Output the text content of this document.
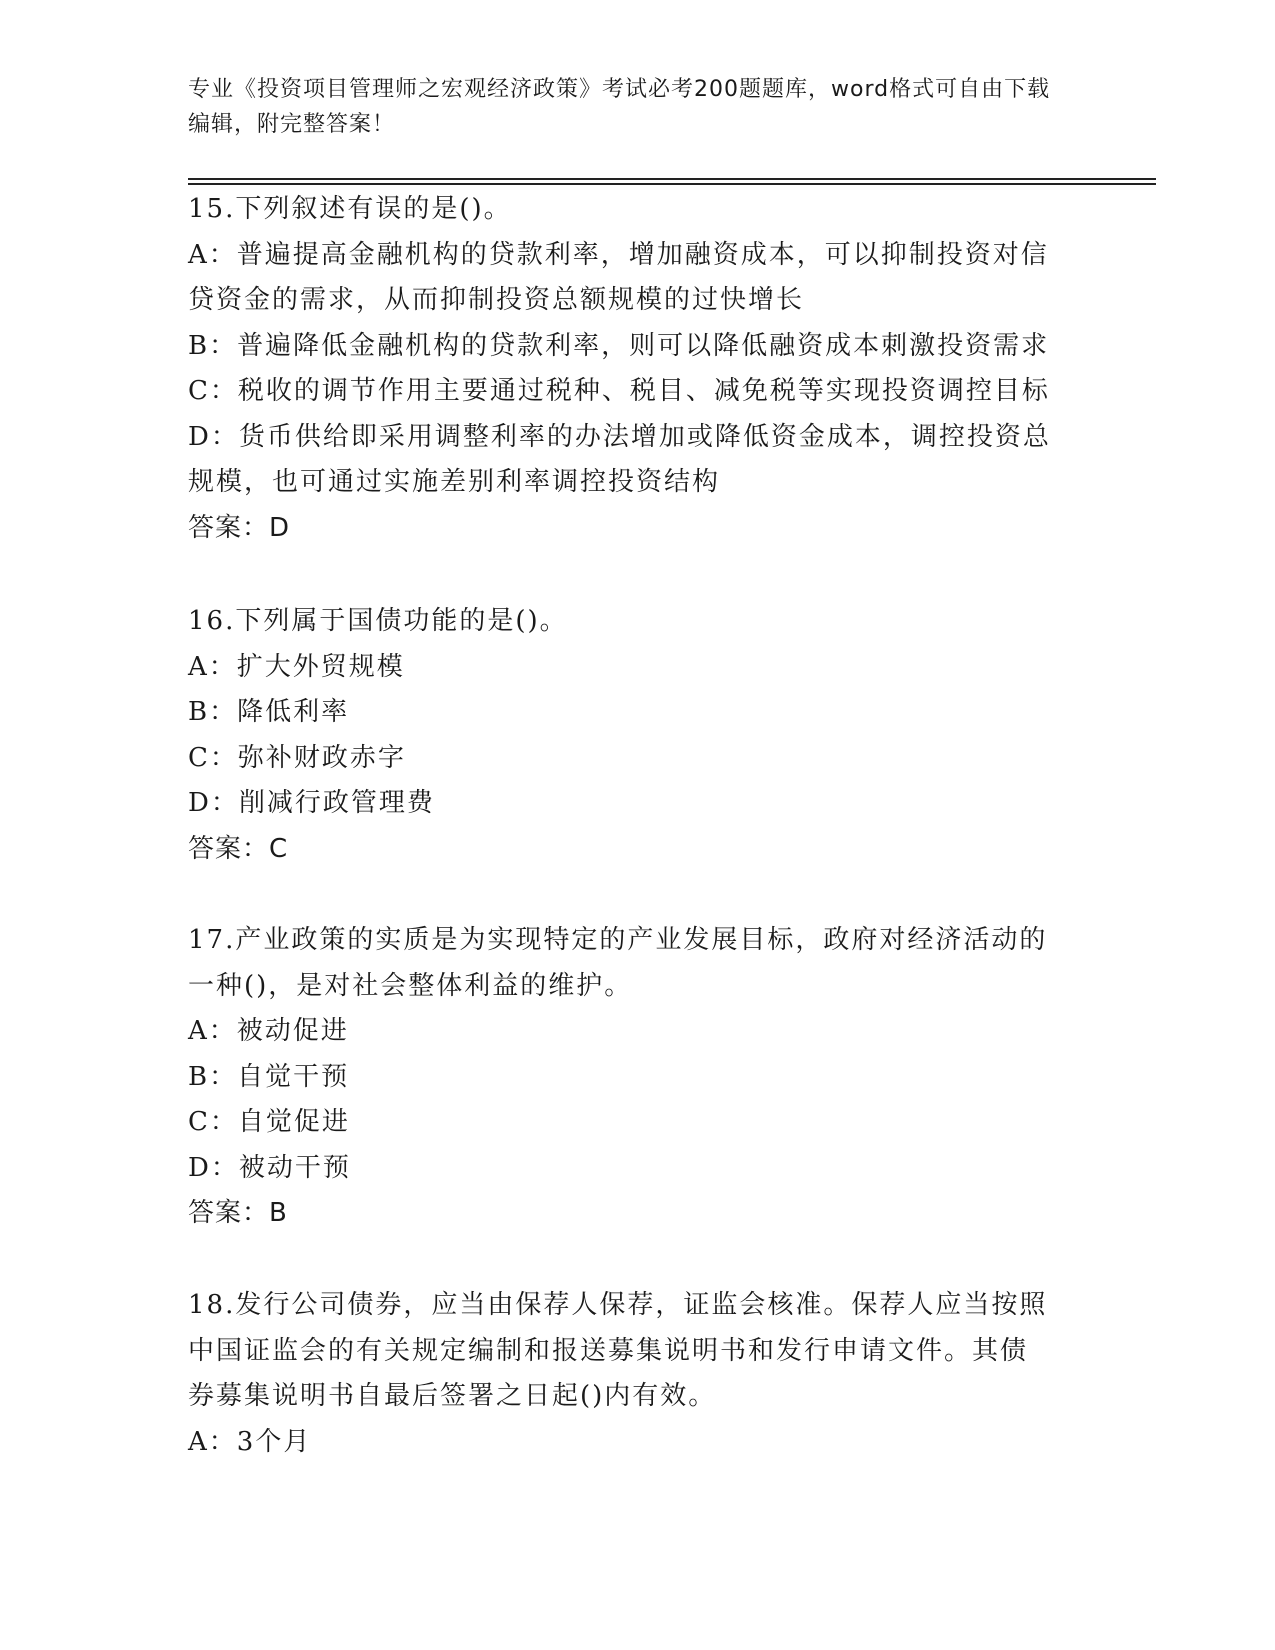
专业《投资项目管理师之宏观经济政策》考试必考200题题库，word格式可自由下载编辑，附完整答案！

15.下列叙述有误的是()。
A：普遍提高金融机构的贷款利率，增加融资成本，可以抑制投资对信
贷资金的需求，从而抑制投资总额规模的过快增长
B：普遍降低金融机构的贷款利率，则可以降低融资成本刺激投资需求
C：税收的调节作用主要通过税种、税目、减免税等实现投资调控目标
D：货币供给即采用调整利率的办法增加或降低资金成本，调控投资总
规模，也可通过实施差别利率调控投资结构
答案：D
16.下列属于国债功能的是()。
A：扩大外贸规模
B：降低利率
C：弥补财政赤字
D：削减行政管理费
答案：C
17.产业政策的实质是为实现特定的产业发展目标，政府对经济活动的
一种()，是对社会整体利益的维护。
A：被动促进
B：自觉干预
C：自觉促进
D：被动干预
答案：B
18.发行公司债券，应当由保荐人保荐，证监会核准。保荐人应当按照
中国证监会的有关规定编制和报送募集说明书和发行申请文件。其债
券募集说明书自最后签署之日起()内有效。
A：3个月
